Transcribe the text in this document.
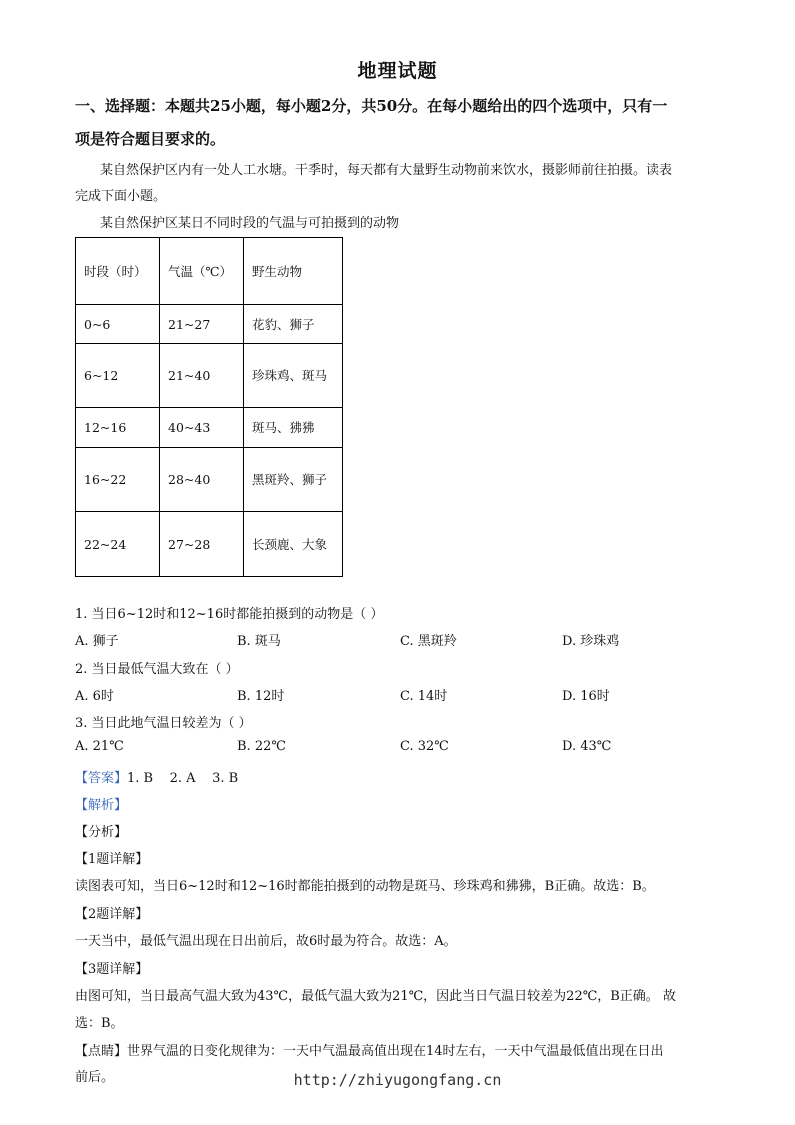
地理试题
一、选择题：本题共25小题，每小题2分，共50分。在每小题给出的四个选项中，只有一
项是符合题目要求的。
某自然保护区内有一处人工水塘。干季时，每天都有大量野生动物前来饮水，摄影师前往拍摄。读表
完成下面小题。
某自然保护区某日不同时段的气温与可拍摄到的动物
时段（时）	气温（℃）	野生动物
0~6	21~27	花豹、狮子
6~12	21~40	珍珠鸡、斑马
12~16	40~43	斑马、狒狒
16~22	28~40	黑斑羚、狮子
22~24	27~28	长颈鹿、大象
1. 当日6~12时和12~16时都能拍摄到的动物是（ ）
A. 狮子	B. 斑马	C. 黑斑羚	D. 珍珠鸡
2. 当日最低气温大致在（ ）
A. 6时	B. 12时	C. 14时	D. 16时
3. 当日此地气温日较差为（ ）
A. 21℃	B. 22℃	C. 32℃	D. 43℃
【答案】1. B    2. A    3. B
【解析】
【分析】
【1题详解】
读图表可知，当日6~12时和12~16时都能拍摄到的动物是斑马、珍珠鸡和狒狒，B正确。故选：B。
【2题详解】
一天当中，最低气温出现在日出前后，故6时最为符合。故选：A。
【3题详解】
由图可知，当日最高气温大致为43℃，最低气温大致为21℃，因此当日气温日较差为22℃，B正确。 故
选：B。
【点睛】世界气温的日变化规律为：一天中气温最高值出现在14时左右，一天中气温最低值出现在日出
前后。	http://zhiyugongfang.cn
